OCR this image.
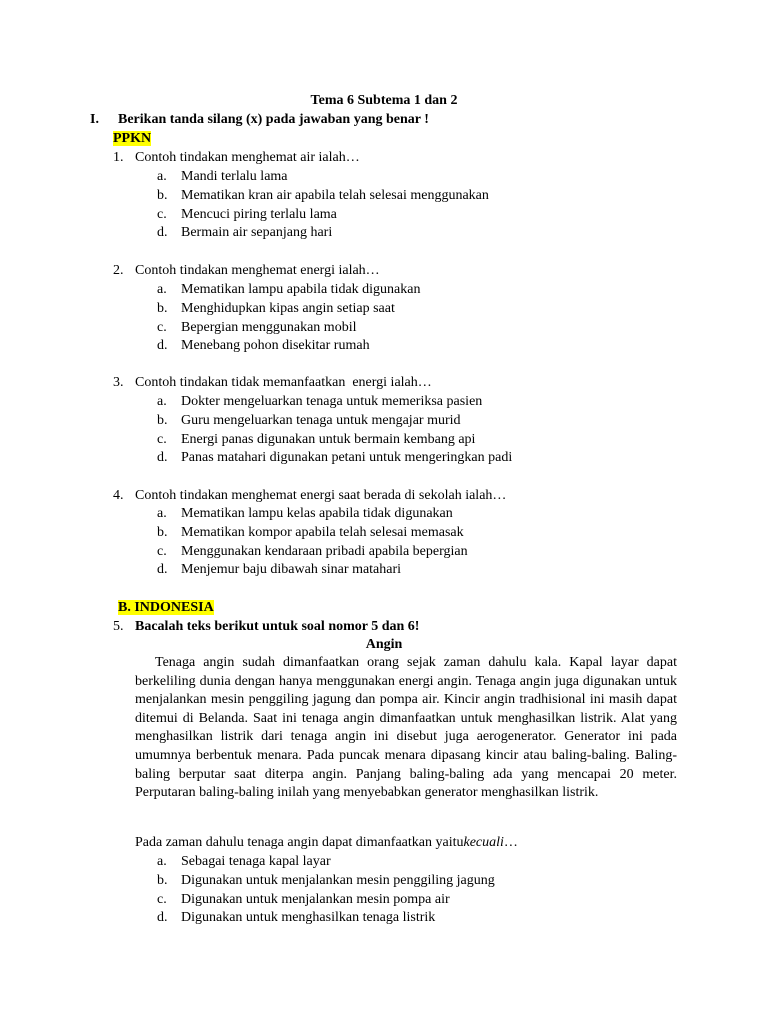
Tema 6 Subtema 1 dan 2
I. Berikan tanda silang (x) pada jawaban yang benar !
PPKN
1. Contoh tindakan menghemat air ialah…
a. Mandi terlalu lama
b. Mematikan kran air apabila telah selesai menggunakan
c. Mencuci piring terlalu lama
d. Bermain air sepanjang hari
2. Contoh tindakan menghemat energi ialah…
a. Mematikan lampu apabila tidak digunakan
b. Menghidupkan kipas angin setiap saat
c. Bepergian menggunakan mobil
d. Menebang pohon disekitar rumah
3. Contoh tindakan tidak memanfaatkan  energi ialah…
a. Dokter mengeluarkan tenaga untuk memeriksa pasien
b. Guru mengeluarkan tenaga untuk mengajar murid
c. Energi panas digunakan untuk bermain kembang api
d. Panas matahari digunakan petani untuk mengeringkan padi
4. Contoh tindakan menghemat energi saat berada di sekolah ialah…
a. Mematikan lampu kelas apabila tidak digunakan
b. Mematikan kompor apabila telah selesai memasak
c. Menggunakan kendaraan pribadi apabila bepergian
d. Menjemur baju dibawah sinar matahari
B. INDONESIA
5. Bacalah teks berikut untuk soal nomor 5 dan 6!
Angin
Tenaga angin sudah dimanfaatkan orang sejak zaman dahulu kala. Kapal layar dapat berkeliling dunia dengan hanya menggunakan energi angin. Tenaga angin juga digunakan untuk menjalankan mesin penggiling jagung dan pompa air. Kincir angin tradhisional ini masih dapat ditemui di Belanda. Saat ini tenaga angin dimanfaatkan untuk menghasilkan listrik. Alat yang menghasilkan listrik dari tenaga angin ini disebut juga aerogenerator. Generator ini pada umumnya berbentuk menara. Pada puncak menara dipasang kincir atau baling-baling. Baling-baling berputar saat diterpa angin. Panjang baling-baling ada yang mencapai 20 meter. Perputaran baling-baling inilah yang menyebabkan generator menghasilkan listrik.
Pada zaman dahulu tenaga angin dapat dimanfaatkan yaitukecuali…
a. Sebagai tenaga kapal layar
b. Digunakan untuk menjalankan mesin penggiling jagung
c. Digunakan untuk menjalankan mesin pompa air
d. Digunakan untuk menghasilkan tenaga listrik
